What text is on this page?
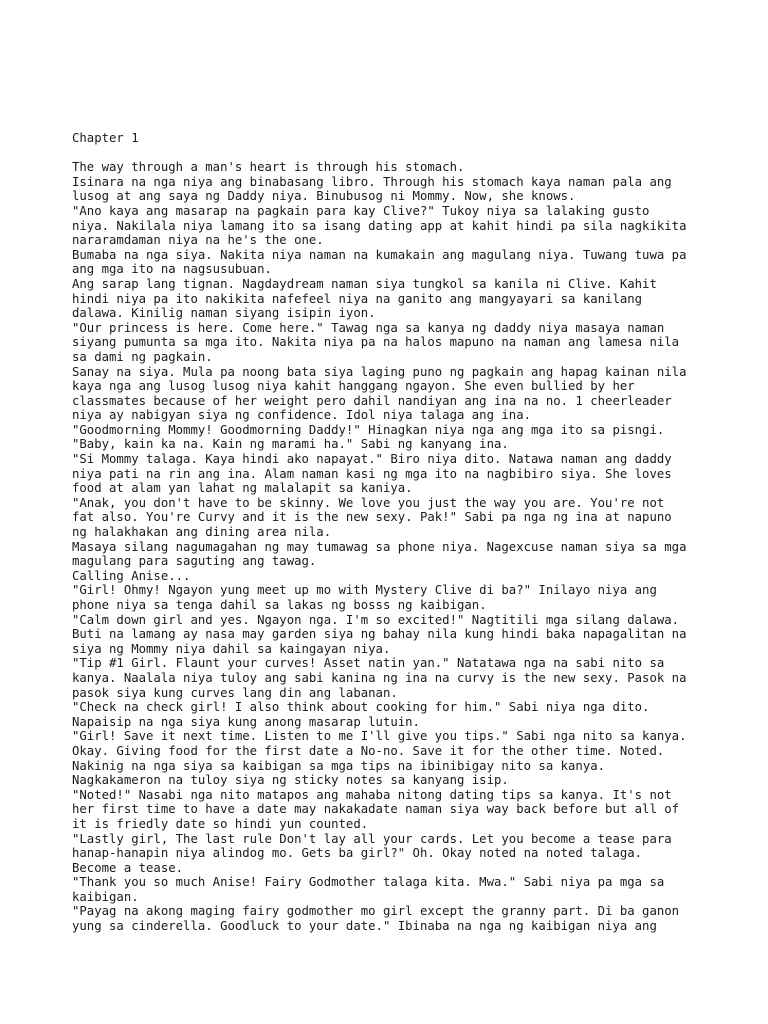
Chapter 1
The way through a man's heart is through his stomach.
Isinara na nga niya ang binabasang libro. Through his stomach kaya naman pala ang
lusog at ang saya ng Daddy niya. Binubusog ni Mommy. Now, she knows.
"Ano kaya ang masarap na pagkain para kay Clive?" Tukoy niya sa lalaking gusto
niya. Nakilala niya lamang ito sa isang dating app at kahit hindi pa sila nagkikita
nararamdaman niya na he's the one.
Bumaba na nga siya. Nakita niya naman na kumakain ang magulang niya. Tuwang tuwa pa
ang mga ito na nagsusubuan.
Ang sarap lang tignan. Nagdaydream naman siya tungkol sa kanila ni Clive. Kahit
hindi niya pa ito nakikita nafefeel niya na ganito ang mangyayari sa kanilang
dalawa. Kinilig naman siyang isipin iyon.
"Our princess is here. Come here." Tawag nga sa kanya ng daddy niya masaya naman
siyang pumunta sa mga ito. Nakita niya pa na halos mapuno na naman ang lamesa nila
sa dami ng pagkain.
Sanay na siya. Mula pa noong bata siya laging puno ng pagkain ang hapag kainan nila
kaya nga ang lusog lusog niya kahit hanggang ngayon. She even bullied by her
classmates because of her weight pero dahil nandiyan ang ina na no. 1 cheerleader
niya ay nabigyan siya ng confidence. Idol niya talaga ang ina.
"Goodmorning Mommy! Goodmorning Daddy!" Hinagkan niya nga ang mga ito sa pisngi.
"Baby, kain ka na. Kain ng marami ha." Sabi ng kanyang ina.
"Si Mommy talaga. Kaya hindi ako napayat." Biro niya dito. Natawa naman ang daddy
niya pati na rin ang ina. Alam naman kasi ng mga ito na nagbibiro siya. She loves
food at alam yan lahat ng malalapit sa kaniya.
"Anak, you don't have to be skinny. We love you just the way you are. You're not
fat also. You're Curvy and it is the new sexy. Pak!" Sabi pa nga ng ina at napuno
ng halakhakan ang dining area nila.
Masaya silang nagumagahan ng may tumawag sa phone niya. Nagexcuse naman siya sa mga
magulang para saguting ang tawag.
Calling Anise...
"Girl! Ohmy! Ngayon yung meet up mo with Mystery Clive di ba?" Inilayo niya ang
phone niya sa tenga dahil sa lakas ng bosss ng kaibigan.
"Calm down girl and yes. Ngayon nga. I'm so excited!" Nagtitili mga silang dalawa.
Buti na lamang ay nasa may garden siya ng bahay nila kung hindi baka napagalitan na
siya ng Mommy niya dahil sa kaingayan niya.
"Tip #1 Girl. Flaunt your curves! Asset natin yan." Natatawa nga na sabi nito sa
kanya. Naalala niya tuloy ang sabi kanina ng ina na curvy is the new sexy. Pasok na
pasok siya kung curves lang din ang labanan.
"Check na check girl! I also think about cooking for him." Sabi niya nga dito.
Napaisip na nga siya kung anong masarap lutuin.
"Girl! Save it next time. Listen to me I'll give you tips." Sabi nga nito sa kanya.
Okay. Giving food for the first date a No-no. Save it for the other time. Noted.
Nakinig na nga siya sa kaibigan sa mga tips na ibinibigay nito sa kanya.
Nagkakameron na tuloy siya ng sticky notes sa kanyang isip.
"Noted!" Nasabi nga nito matapos ang mahaba nitong dating tips sa kanya. It's not
her first time to have a date may nakakadate naman siya way back before but all of
it is friedly date so hindi yun counted.
"Lastly girl, The last rule Don't lay all your cards. Let you become a tease para
hanap-hanapin niya alindog mo. Gets ba girl?" Oh. Okay noted na noted talaga.
Become a tease.
"Thank you so much Anise! Fairy Godmother talaga kita. Mwa." Sabi niya pa mga sa
kaibigan.
"Payag na akong maging fairy godmother mo girl except the granny part. Di ba ganon
yung sa cinderella. Goodluck to your date." Ibinaba na nga ng kaibigan niya ang
